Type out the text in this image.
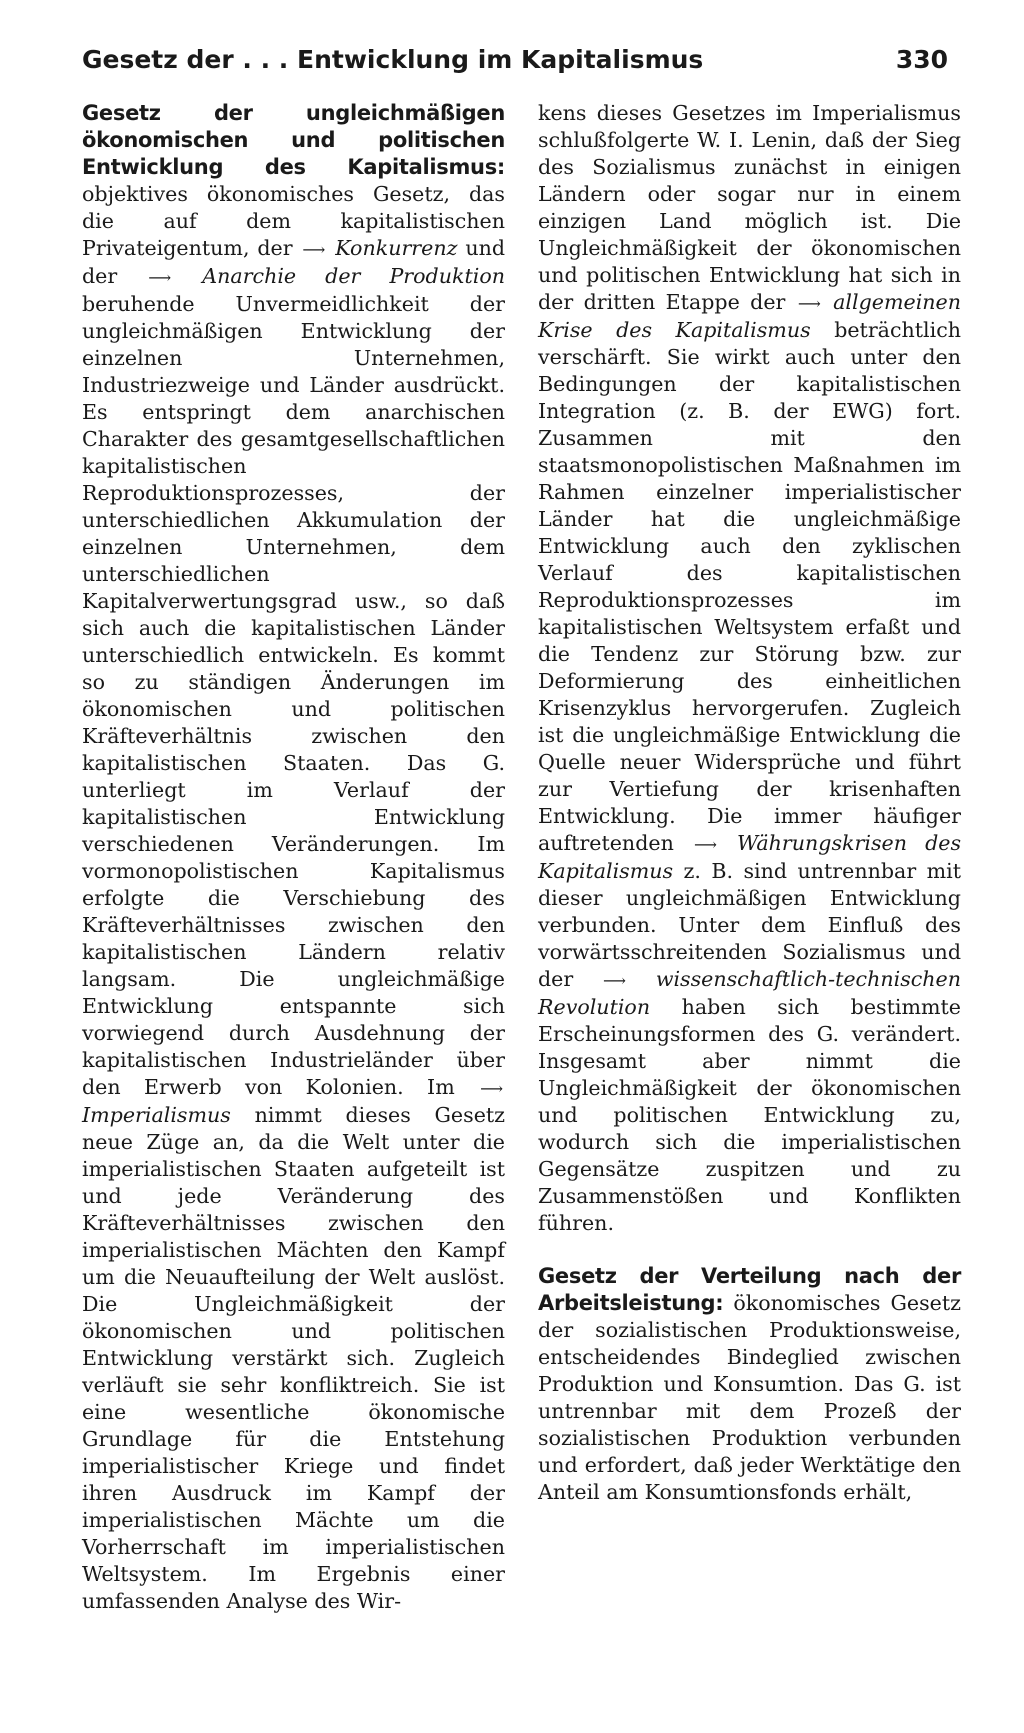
Gesetz der . . . Entwicklung im Kapitalismus	330

Gesetz der ungleichmäßigen ökonomischen und politischen Entwicklung des Kapitalismus: objektives ökonomisches Gesetz, das die auf dem kapitalistischen Privateigentum, der ⟶ Konkurrenz und der ⟶ Anarchie der Produktion beruhende Unvermeidlichkeit der ungleichmäßigen Entwicklung der einzelnen Unternehmen, Industriezweige und Länder ausdrückt. Es entspringt dem anarchischen Charakter des gesamtgesellschaftlichen kapitalistischen Reproduktionsprozesses, der unterschiedlichen Akkumulation der einzelnen Unternehmen, dem unterschiedlichen Kapitalverwertungsgrad usw., so daß sich auch die kapitalistischen Länder unterschiedlich entwickeln. Es kommt so zu ständigen Änderungen im ökonomischen und politischen Kräfteverhältnis zwischen den kapitalistischen Staaten. Das G. unterliegt im Verlauf der kapitalistischen Entwicklung verschiedenen Veränderungen. Im vormonopolistischen Kapitalismus erfolgte die Verschiebung des Kräfteverhältnisses zwischen den kapitalistischen Ländern relativ langsam. Die ungleichmäßige Entwicklung entspannte sich vorwiegend durch Ausdehnung der kapitalistischen Industrieländer über den Erwerb von Kolonien. Im ⟶ Imperialismus nimmt dieses Gesetz neue Züge an, da die Welt unter die imperialistischen Staaten aufgeteilt ist und jede Veränderung des Kräfteverhältnisses zwischen den imperialistischen Mächten den Kampf um die Neuaufteilung der Welt auslöst. Die Ungleichmäßigkeit der ökonomischen und politischen Entwicklung verstärkt sich. Zugleich verläuft sie sehr konfliktreich. Sie ist eine wesentliche ökonomische Grundlage für die Entstehung imperialistischer Kriege und findet ihren Ausdruck im Kampf der imperialistischen Mächte um die Vorherrschaft im imperialistischen Weltsystem. Im Ergebnis einer umfassenden Analyse des Wir-

kens dieses Gesetzes im Imperialismus schlußfolgerte W. I. Lenin, daß der Sieg des Sozialismus zunächst in einigen Ländern oder sogar nur in einem einzigen Land möglich ist. Die Ungleichmäßigkeit der ökonomischen und politischen Entwicklung hat sich in der dritten Etappe der ⟶ allgemeinen Krise des Kapitalismus beträchtlich verschärft. Sie wirkt auch unter den Bedingungen der kapitalistischen Integration (z. B. der EWG) fort. Zusammen mit den staatsmonopolistischen Maßnahmen im Rahmen einzelner imperialistischer Länder hat die ungleichmäßige Entwicklung auch den zyklischen Verlauf des kapitalistischen Reproduktionsprozesses im kapitalistischen Weltsystem erfaßt und die Tendenz zur Störung bzw. zur Deformierung des einheitlichen Krisenzyklus hervorgerufen. Zugleich ist die ungleichmäßige Entwicklung die Quelle neuer Widersprüche und führt zur Vertiefung der krisenhaften Entwicklung. Die immer häufiger auftretenden ⟶ Währungskrisen des Kapitalismus z. B. sind untrennbar mit dieser ungleichmäßigen Entwicklung verbunden. Unter dem Einfluß des vorwärtsschreitenden Sozialismus und der ⟶ wissenschaftlich-technischen Revolution haben sich bestimmte Erscheinungsformen des G. verändert. Insgesamt aber nimmt die Ungleichmäßigkeit der ökonomischen und politischen Entwicklung zu, wodurch sich die imperialistischen Gegensätze zuspitzen und zu Zusammenstößen und Konflikten führen.

Gesetz der Verteilung nach der Arbeitsleistung: ökonomisches Gesetz der sozialistischen Produktionsweise, entscheidendes Bindeglied zwischen Produktion und Konsumtion. Das G. ist untrennbar mit dem Prozeß der sozialistischen Produktion verbunden und erfordert, daß jeder Werktätige den Anteil am Konsumtionsfonds erhält,
